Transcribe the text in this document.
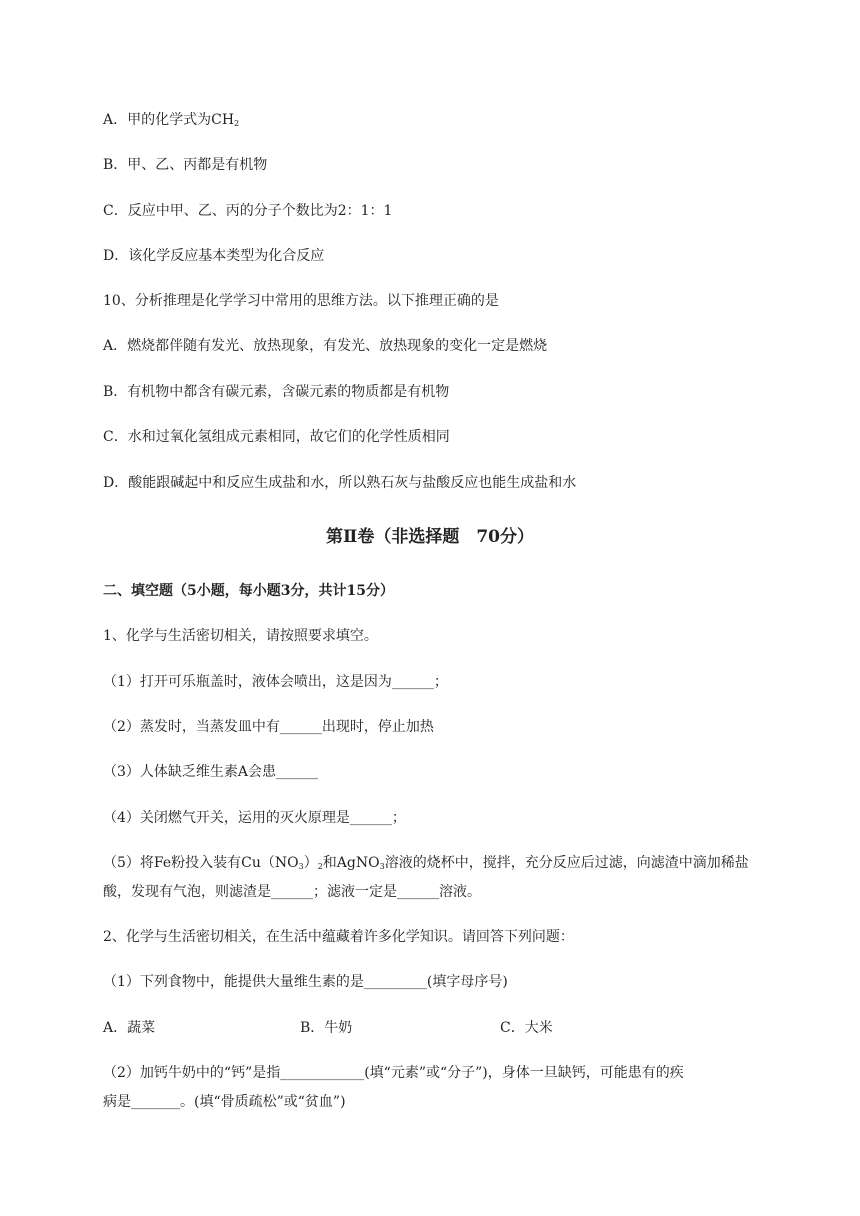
A．甲的化学式为$CH_2$
B．甲、乙、丙都是有机物
C．反应中甲、乙、丙的分子个数比为2：1：1
D．该化学反应基本类型为化合反应
10、分析推理是化学学习中常用的思维方法。以下推理正确的是
A．燃烧都伴随有发光、放热现象，有发光、放热现象的变化一定是燃烧
B．有机物中都含有碳元素，含碳元素的物质都是有机物
C．水和过氧化氢组成元素相同，故它们的化学性质相同
D．酸能跟碱起中和反应生成盐和水，所以熟石灰与盐酸反应也能生成盐和水
第Ⅱ卷（非选择题　70分）
二、填空题（5小题，每小题3分，共计15分）
1、化学与生活密切相关，请按照要求填空。
（1）打开可乐瓶盖时，液体会喷出，这是因为______；
（2）蒸发时，当蒸发皿中有______出现时，停止加热
（3）人体缺乏维生素A会患______
（4）关闭燃气开关，运用的灭火原理是______；
（5）将Fe粉投入装有$Cu(NO_3)_2$和AgNO$_3$溶液的烧杯中，搅拌，充分反应后过滤，向滤渣中滴加稀盐
酸，发现有气泡，则滤渣是______；滤液一定是______溶液。
2、化学与生活密切相关，在生活中蕴藏着许多化学知识。请回答下列问题：
（1）下列食物中，能提供大量维生素的是_________(填字母序号)
A．蔬菜	B．牛奶	C．大米
（2）加钙牛奶中的“钙”是指____________(填“元素”或“分子”)，身体一旦缺钙，可能患有的疾
病是_______。(填“骨质疏松”或“贫血”)
